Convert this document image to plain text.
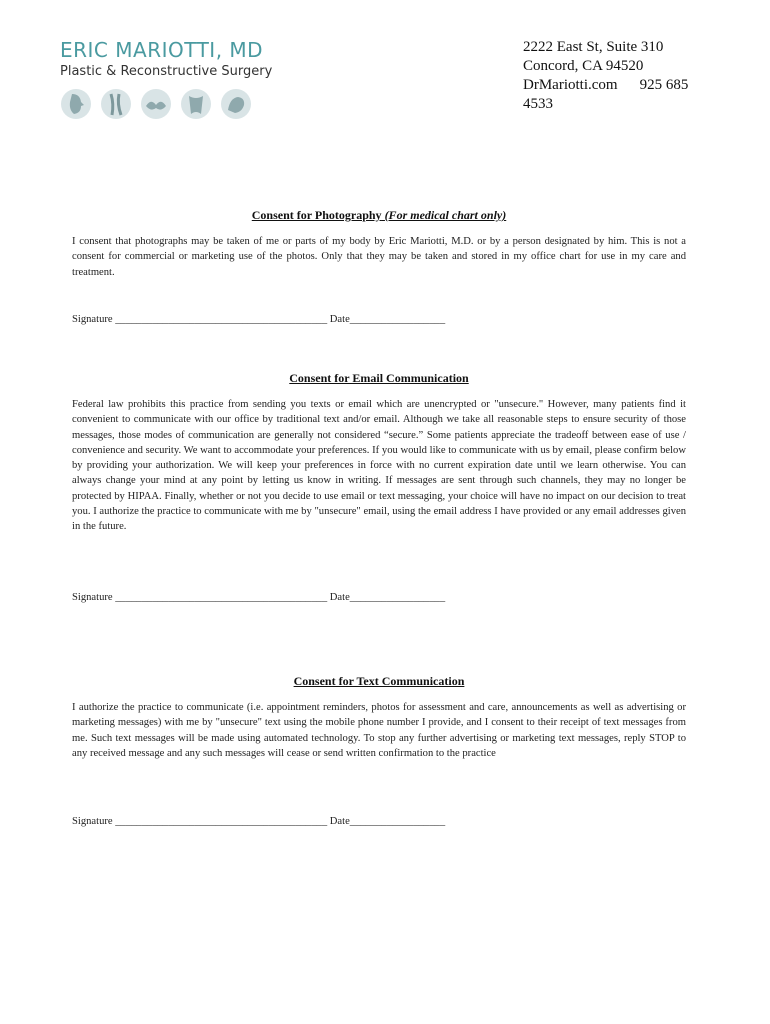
ERIC MARIOTTI, MD
Plastic & Reconstructive Surgery
2222 East St, Suite 310
Concord, CA 94520
DrMariotti.com 925 685
4533
Consent for Photography (For medical chart only)
I consent that photographs may be taken of me or parts of my body by Eric Mariotti, M.D. or by a person designated by him. This is not a consent for commercial or marketing use of the photos. Only that they may be taken and stored in my office chart for use in my care and treatment.
Signature ________________________________________ Date__________________
Consent for Email Communication
Federal law prohibits this practice from sending you texts or email which are unencrypted or "unsecure." However, many patients find it convenient to communicate with our office by traditional text and/or email. Although we take all reasonable steps to ensure security of those messages, those modes of communication are generally not considered “secure.” Some patients appreciate the tradeoff between ease of use / convenience and security. We want to accommodate your preferences. If you would like to communicate with us by email, please confirm below by providing your authorization. We will keep your preferences in force with no current expiration date until we learn otherwise. You can always change your mind at any point by letting us know in writing. If messages are sent through such channels, they may no longer be protected by HIPAA. Finally, whether or not you decide to use email or text messaging, your choice will have no impact on our decision to treat you. I authorize the practice to communicate with me by "unsecure" email, using the email address I have provided or any email addresses given in the future.
Signature ________________________________________ Date__________________
Consent for Text Communication
I authorize the practice to communicate (i.e. appointment reminders, photos for assessment and care, announcements as well as advertising or marketing messages) with me by "unsecure" text using the mobile phone number I provide, and I consent to their receipt of text messages from me. Such text messages will be made using automated technology. To stop any further advertising or marketing text messages, reply STOP to any received message and any such messages will cease or send written confirmation to the practice
Signature ________________________________________ Date__________________
